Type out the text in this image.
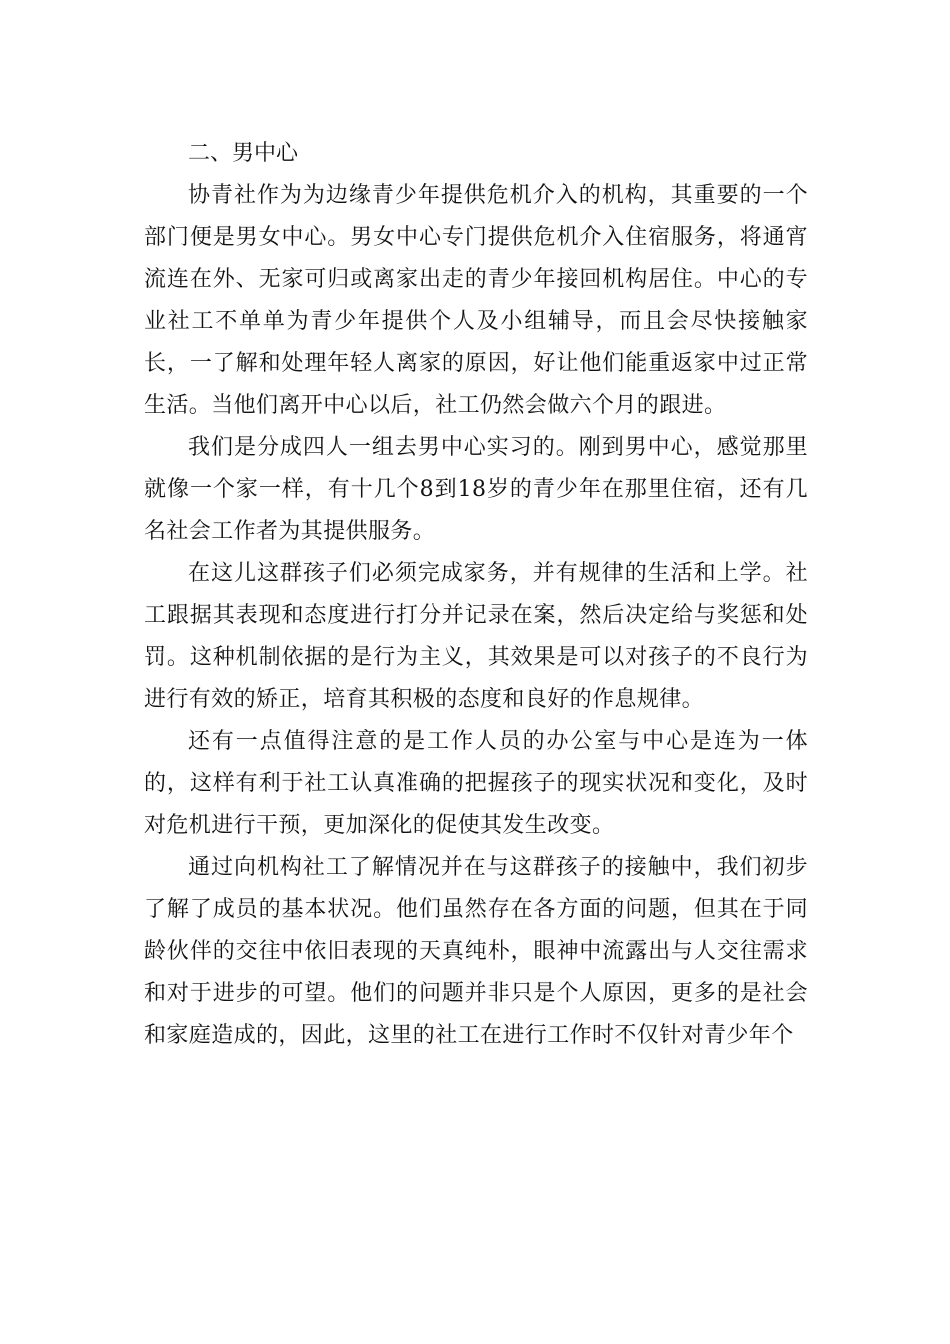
二、男中心

协青社作为为边缘青少年提供危机介入的机构，其重要的一个部门便是男女中心。男女中心专门提供危机介入住宿服务，将通宵流连在外、无家可归或离家出走的青少年接回机构居住。中心的专业社工不单单为青少年提供个人及小组辅导，而且会尽快接触家长，一了解和处理年轻人离家的原因，好让他们能重返家中过正常生活。当他们离开中心以后，社工仍然会做六个月的跟进。

我们是分成四人一组去男中心实习的。刚到男中心，感觉那里就像一个家一样，有十几个8到18岁的青少年在那里住宿，还有几名社会工作者为其提供服务。

在这儿这群孩子们必须完成家务，并有规律的生活和上学。社工跟据其表现和态度进行打分并记录在案，然后决定给与奖惩和处罚。这种机制依据的是行为主义，其效果是可以对孩子的不良行为进行有效的矫正，培育其积极的态度和良好的作息规律。

还有一点值得注意的是工作人员的办公室与中心是连为一体的，这样有利于社工认真准确的把握孩子的现实状况和变化，及时对危机进行干预，更加深化的促使其发生改变。

通过向机构社工了解情况并在与这群孩子的接触中，我们初步了解了成员的基本状况。他们虽然存在各方面的问题，但其在于同龄伙伴的交往中依旧表现的天真纯朴，眼神中流露出与人交往需求和对于进步的可望。他们的问题并非只是个人原因，更多的是社会和家庭造成的，因此，这里的社工在进行工作时不仅针对青少年个
